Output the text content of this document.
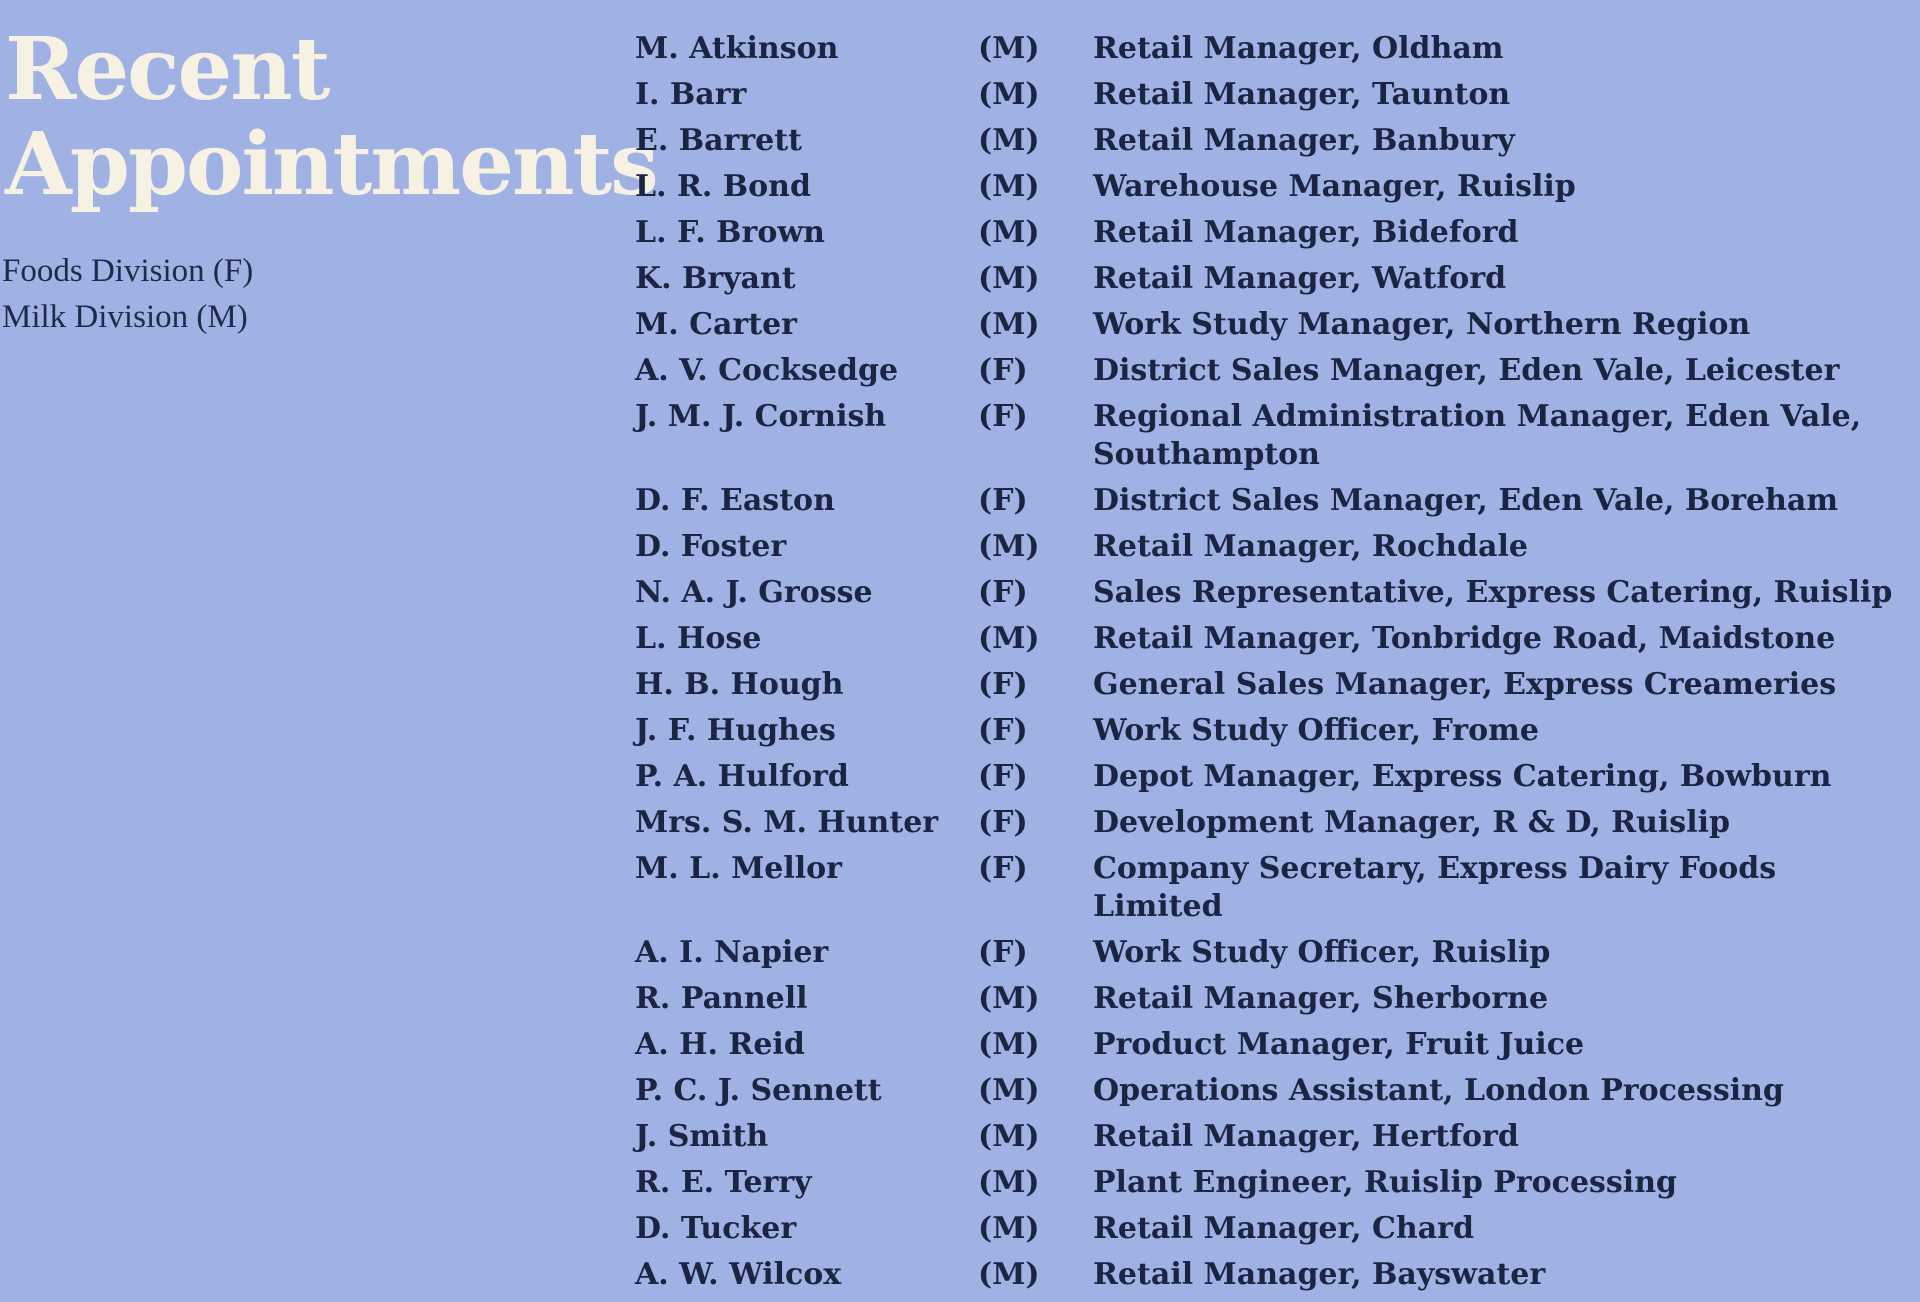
Recent
Appointments
Foods Division (F)
Milk Division (M)
M. Atkinson	(M)	Retail Manager, Oldham
I. Barr	(M)	Retail Manager, Taunton
E. Barrett	(M)	Retail Manager, Banbury
L. R. Bond	(M)	Warehouse Manager, Ruislip
L. F. Brown	(M)	Retail Manager, Bideford
K. Bryant	(M)	Retail Manager, Watford
M. Carter	(M)	Work Study Manager, Northern Region
A. V. Cocksedge	(F)	District Sales Manager, Eden Vale, Leicester
J. M. J. Cornish	(F)	Regional Administration Manager, Eden Vale, Southampton
D. F. Easton	(F)	District Sales Manager, Eden Vale, Boreham
D. Foster	(M)	Retail Manager, Rochdale
N. A. J. Grosse	(F)	Sales Representative, Express Catering, Ruislip
L. Hose	(M)	Retail Manager, Tonbridge Road, Maidstone
H. B. Hough	(F)	General Sales Manager, Express Creameries
J. F. Hughes	(F)	Work Study Officer, Frome
P. A. Hulford	(F)	Depot Manager, Express Catering, Bowburn
Mrs. S. M. Hunter	(F)	Development Manager, R & D, Ruislip
M. L. Mellor	(F)	Company Secretary, Express Dairy Foods Limited
A. I. Napier	(F)	Work Study Officer, Ruislip
R. Pannell	(M)	Retail Manager, Sherborne
A. H. Reid	(M)	Product Manager, Fruit Juice
P. C. J. Sennett	(M)	Operations Assistant, London Processing
J. Smith	(M)	Retail Manager, Hertford
R. E. Terry	(M)	Plant Engineer, Ruislip Processing
D. Tucker	(M)	Retail Manager, Chard
A. W. Wilcox	(M)	Retail Manager, Bayswater
